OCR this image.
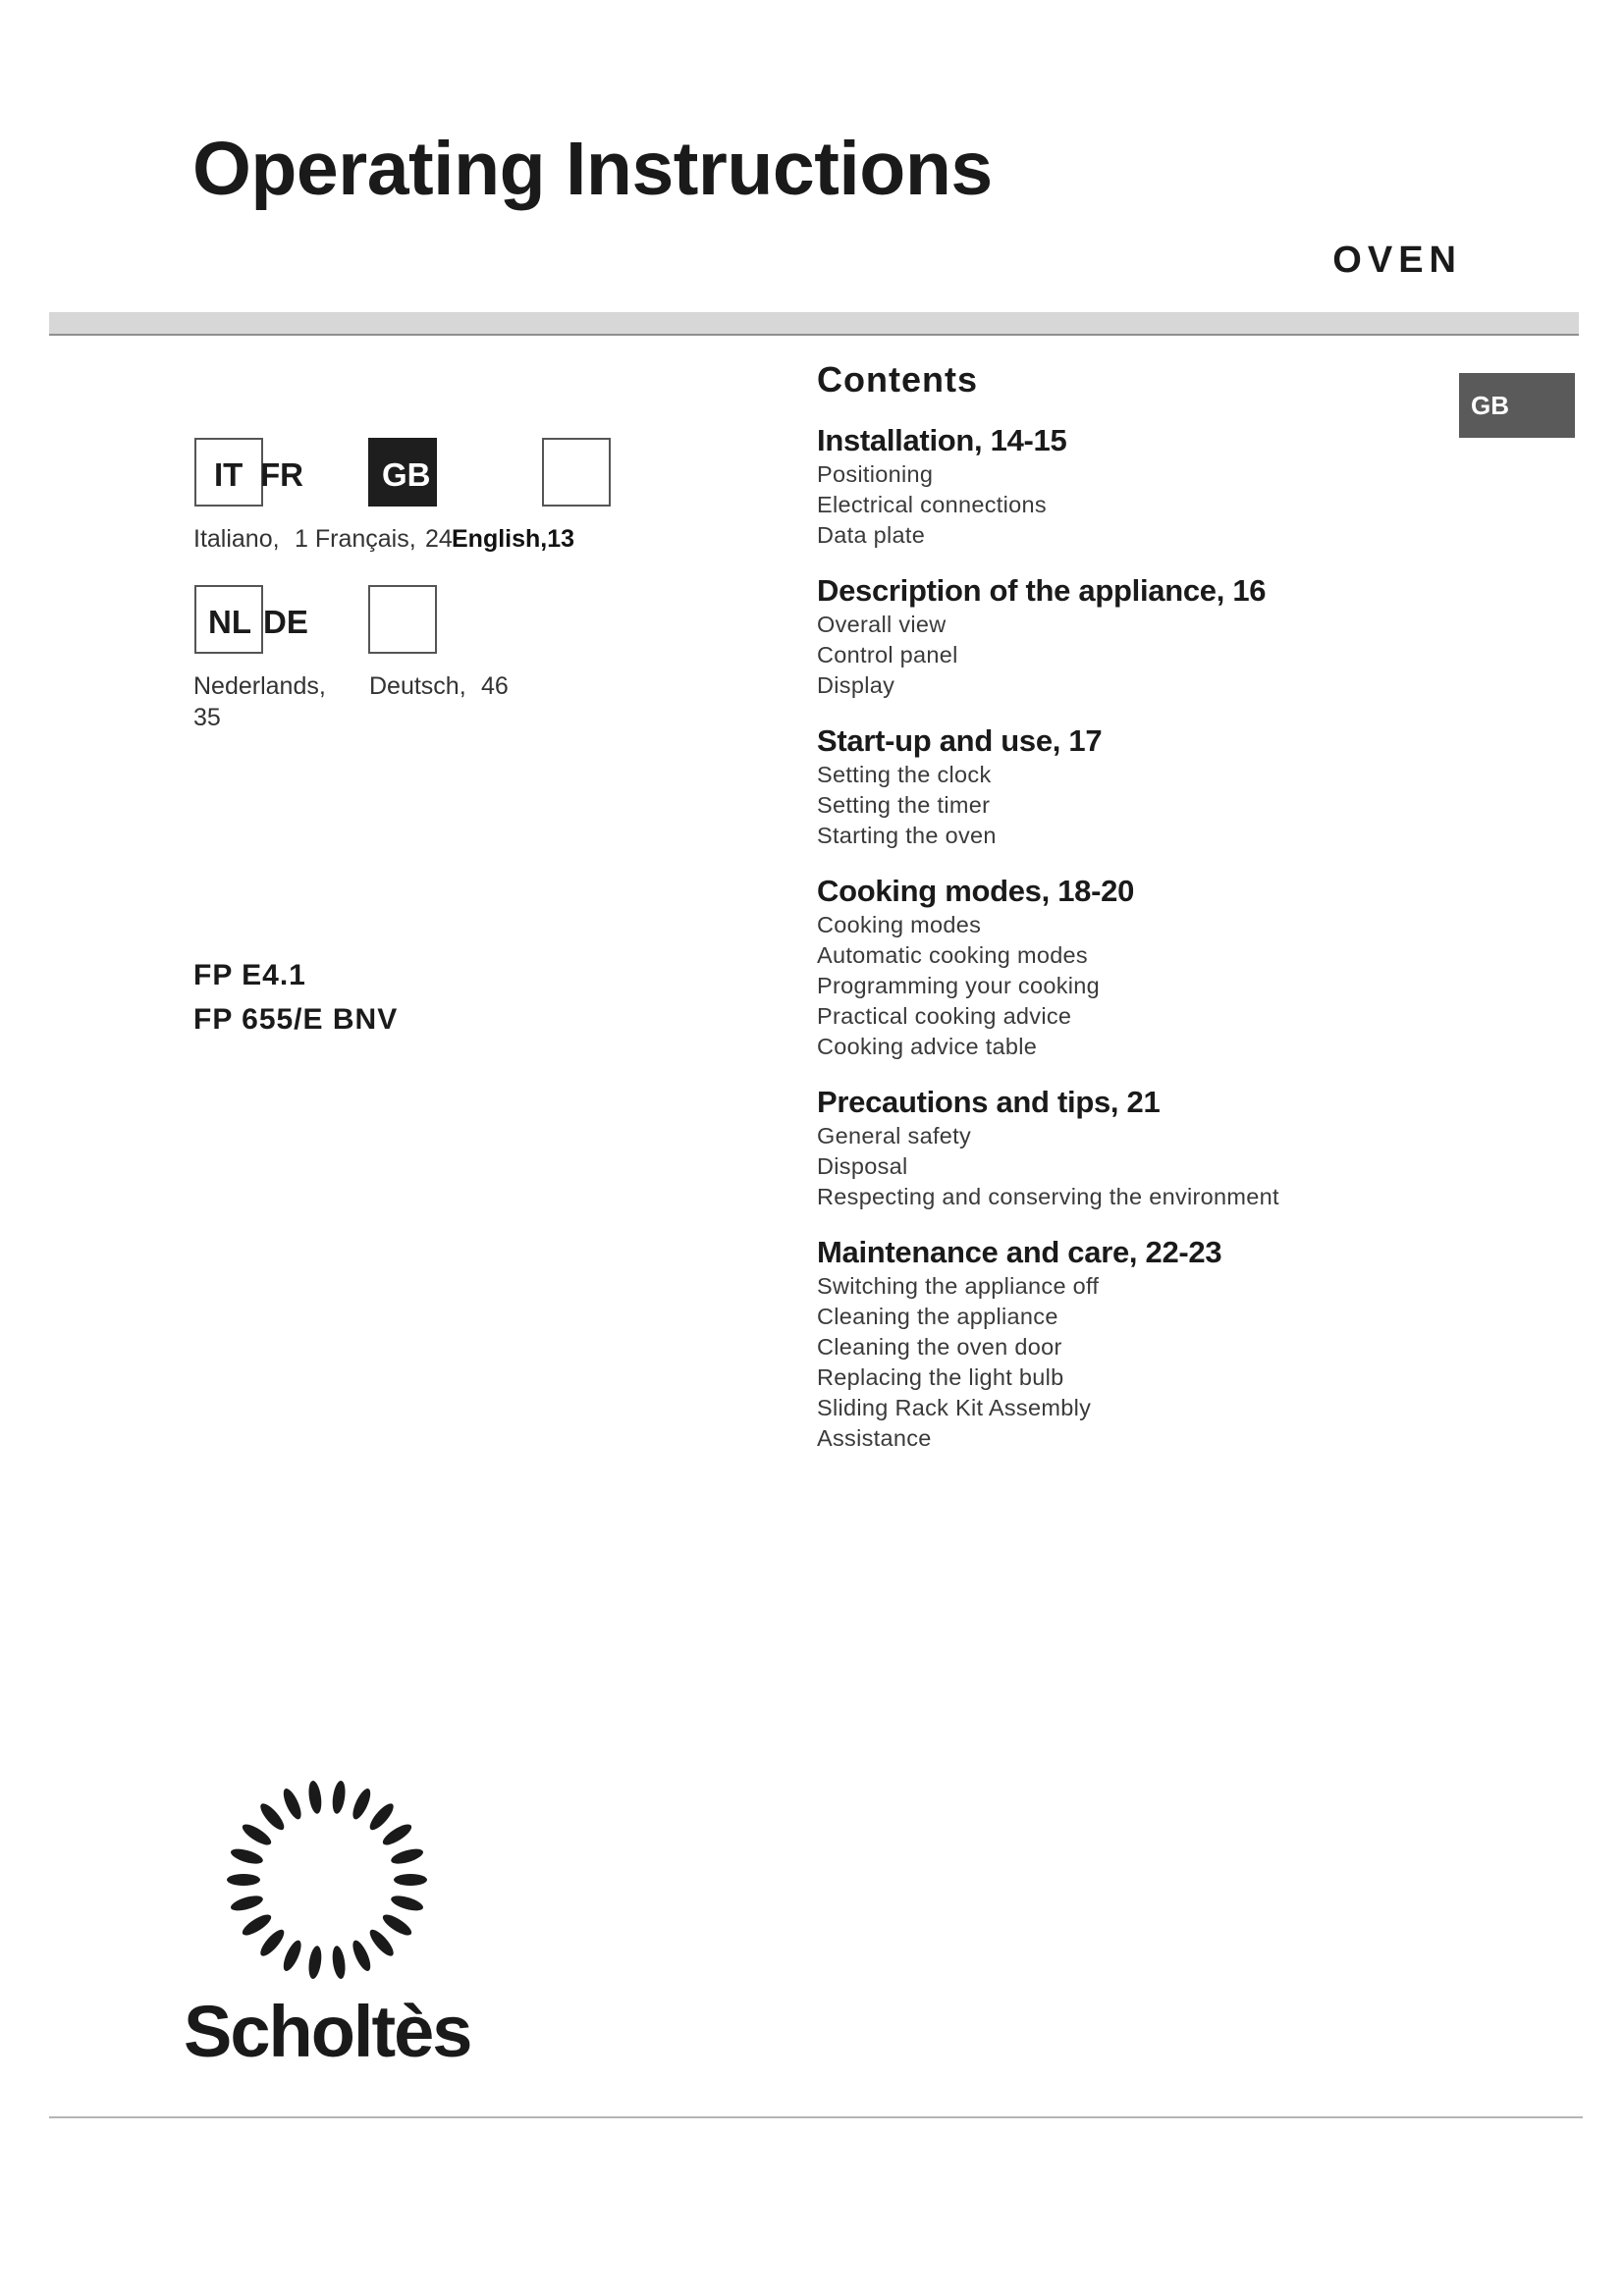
Operating Instructions
OVEN
IT FR GB
Italiano, 1 Français, 24 English,13
NL DE
Nederlands,
35
Deutsch, 46
FP E4.1
FP 655/E BNV
Contents
GB
Installation, 14-15
Positioning
Electrical connections
Data plate
Description of the appliance, 16
Overall view
Control panel
Display
Start-up and use, 17
Setting the clock
Setting the timer
Starting the oven
Cooking modes, 18-20
Cooking modes
Automatic cooking modes
Programming your cooking
Practical cooking advice
Cooking advice table
Precautions and tips, 21
General safety
Disposal
Respecting and conserving the environment
Maintenance and care, 22-23
Switching the appliance off
Cleaning the appliance
Cleaning the oven door
Replacing the light bulb
Sliding Rack Kit Assembly
Assistance
Scholtès
